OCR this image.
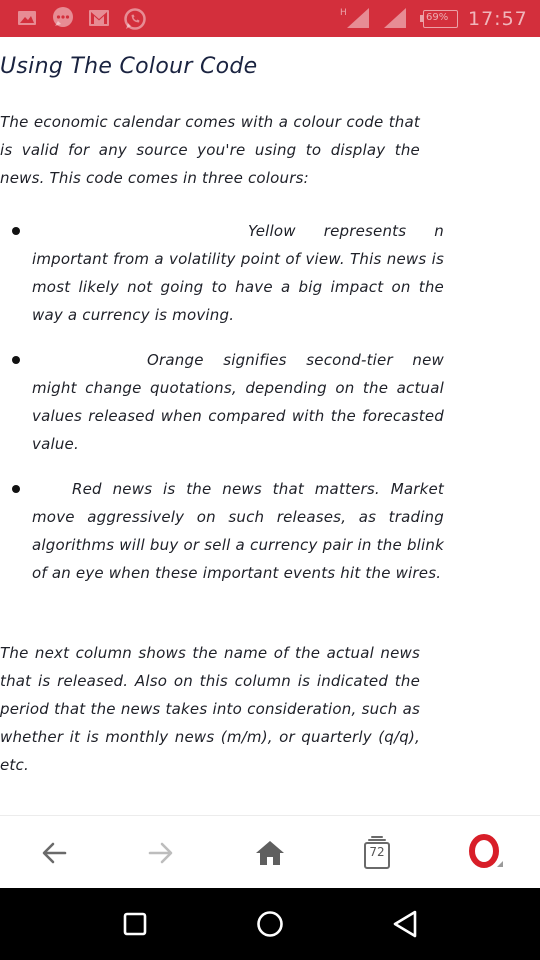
H	69% 17:57
Using The Colour Code

The economic calendar comes with a colour code that is valid for any source you're using to display the news. This code comes in three colours:

Yellow represents n important from a volatility point of view. This news is most likely not going to have a big impact on the way a currency is moving.
Orange signifies second-tier new might change quotations, depending on the actual values released when compared with the forecasted value.
Red news is the news that matters. Market move aggressively on such releases, as trading algorithms will buy or sell a currency pair in the blink of an eye when these important events hit the wires.

The next column shows the name of the actual news that is released. Also on this column is indicated the period that the news takes into consideration, such as whether it is monthly news (m/m), or quarterly (q/q), etc.

72
